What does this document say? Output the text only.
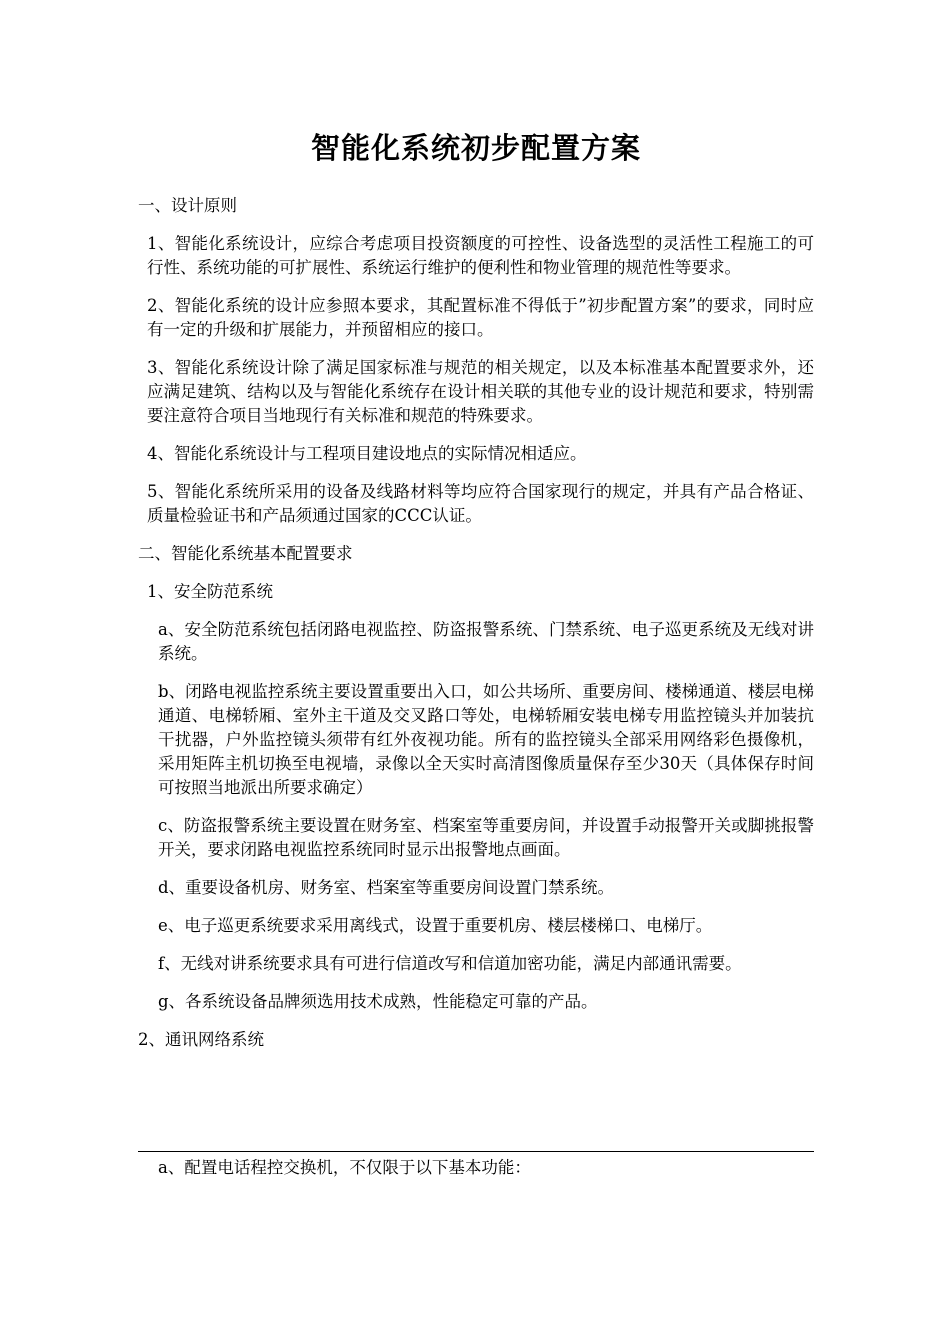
智能化系统初步配置方案

一、设计原则

1、智能化系统设计，应综合考虑项目投资额度的可控性、设备选型的灵活性工程施工的可行性、系统功能的可扩展性、系统运行维护的便利性和物业管理的规范性等要求。

2、智能化系统的设计应参照本要求，其配置标准不得低于”初步配置方案”的要求，同时应有一定的升级和扩展能力，并预留相应的接口。

3、智能化系统设计除了满足国家标准与规范的相关规定，以及本标准基本配置要求外，还应满足建筑、结构以及与智能化系统存在设计相关联的其他专业的设计规范和要求，特别需要注意符合项目当地现行有关标准和规范的特殊要求。

4、智能化系统设计与工程项目建设地点的实际情况相适应。

5、智能化系统所采用的设备及线路材料等均应符合国家现行的规定，并具有产品合格证、质量检验证书和产品须通过国家的CCC认证。

二、智能化系统基本配置要求

1、安全防范系统

a、安全防范系统包括闭路电视监控、防盗报警系统、门禁系统、电子巡更系统及无线对讲系统。

b、闭路电视监控系统主要设置重要出入口，如公共场所、重要房间、楼梯通道、楼层电梯通道、电梯轿厢、室外主干道及交叉路口等处，电梯轿厢安装电梯专用监控镜头并加装抗干扰器，户外监控镜头须带有红外夜视功能。所有的监控镜头全部采用网络彩色摄像机，采用矩阵主机切换至电视墙，录像以全天实时高清图像质量保存至少30天（具体保存时间可按照当地派出所要求确定）

c、防盗报警系统主要设置在财务室、档案室等重要房间，并设置手动报警开关或脚挑报警开关，要求闭路电视监控系统同时显示出报警地点画面。

d、重要设备机房、财务室、档案室等重要房间设置门禁系统。

e、电子巡更系统要求采用离线式，设置于重要机房、楼层楼梯口、电梯厅。

f、无线对讲系统要求具有可进行信道改写和信道加密功能，满足内部通讯需要。

g、各系统设备品牌须选用技术成熟，性能稳定可靠的产品。

2、通讯网络系统

a、配置电话程控交换机，不仅限于以下基本功能：
